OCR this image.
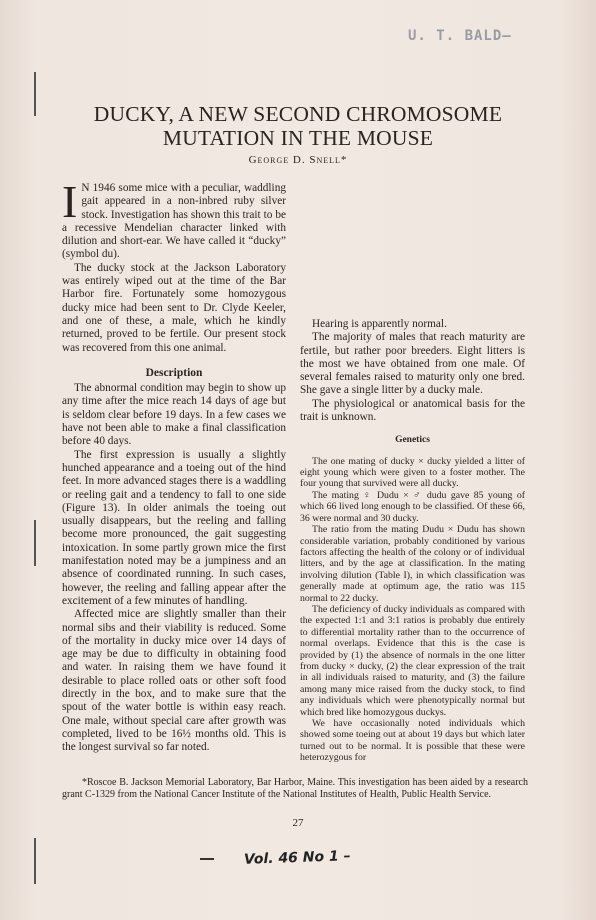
U. T. BALD—
DUCKY, A NEW SECOND CHROMOSOME
MUTATION IN THE MOUSE
George D. Snell*

I N 1946 some mice with a peculiar, waddling gait appeared in a non-inbred ruby silver stock. Investigation has shown this trait to be a recessive Mendelian character linked with dilution and short-ear. We have called it “ducky” (symbol du).

The ducky stock at the Jackson Laboratory was entirely wiped out at the time of the Bar Harbor fire. Fortunately some homozygous ducky mice had been sent to Dr. Clyde Keeler, and one of these, a male, which he kindly returned, proved to be fertile. Our present stock was recovered from this one animal.

Description

The abnormal condition may begin to show up any time after the mice reach 14 days of age but is seldom clear before 19 days. In a few cases we have not been able to make a final classification before 40 days.

The first expression is usually a slightly hunched appearance and a toeing out of the hind feet. In more advanced stages there is a waddling or reeling gait and a tendency to fall to one side (Figure 13). In older animals the toeing out usually disappears, but the reeling and falling become more pronounced, the gait suggesting intoxication. In some partly grown mice the first manifestation noted may be a jumpiness and an absence of coordinated running. In such cases, however, the reeling and falling appear after the excitement of a few minutes of handling.

Affected mice are slightly smaller than their normal sibs and their viability is reduced. Some of the mortality in ducky mice over 14 days of age may be due to difficulty in obtaining food and water. In raising them we have found it desirable to place rolled oats or other soft food directly in the box, and to make sure that the spout of the water bottle is within easy reach. One male, without special care after growth was completed, lived to be 16½ months old. This is the longest survival so far noted.

Hearing is apparently normal.

The majority of males that reach maturity are fertile, but rather poor breeders. Eight litters is the most we have obtained from one male. Of several females raised to maturity only one bred. She gave a single litter by a ducky male.

The physiological or anatomical basis for the trait is unknown.

Genetics

The one mating of ducky × ducky yielded a litter of eight young which were given to a foster mother. The four young that survived were all ducky.

The mating ♀ Dudu × ♂ dudu gave 85 young of which 66 lived long enough to be classified. Of these 66, 36 were normal and 30 ducky.

The ratio from the mating Dudu × Dudu has shown considerable variation, probably conditioned by various factors affecting the health of the colony or of individual litters, and by the age at classification. In the mating involving dilution (Table I), in which classification was generally made at optimum age, the ratio was 115 normal to 22 ducky.

The deficiency of ducky individuals as compared with the expected 1:1 and 3:1 ratios is probably due entirely to differential mortality rather than to the occurrence of normal overlaps. Evidence that this is the case is provided by (1) the absence of normals in the one litter from ducky × ducky, (2) the clear expression of the trait in all individuals raised to maturity, and (3) the failure among many mice raised from the ducky stock, to find any individuals which were phenotypically normal but which bred like homozygous duckys.

We have occasionally noted individuals which showed some toeing out at about 19 days but which later turned out to be normal. It is possible that these were heterozygous for

*Roscoe B. Jackson Memorial Laboratory, Bar Harbor, Maine. This investigation has been aided by a research grant C-1329 from the National Cancer Institute of the National Institutes of Health, Public Health Service.

27
Vol. 46 No 1 –
